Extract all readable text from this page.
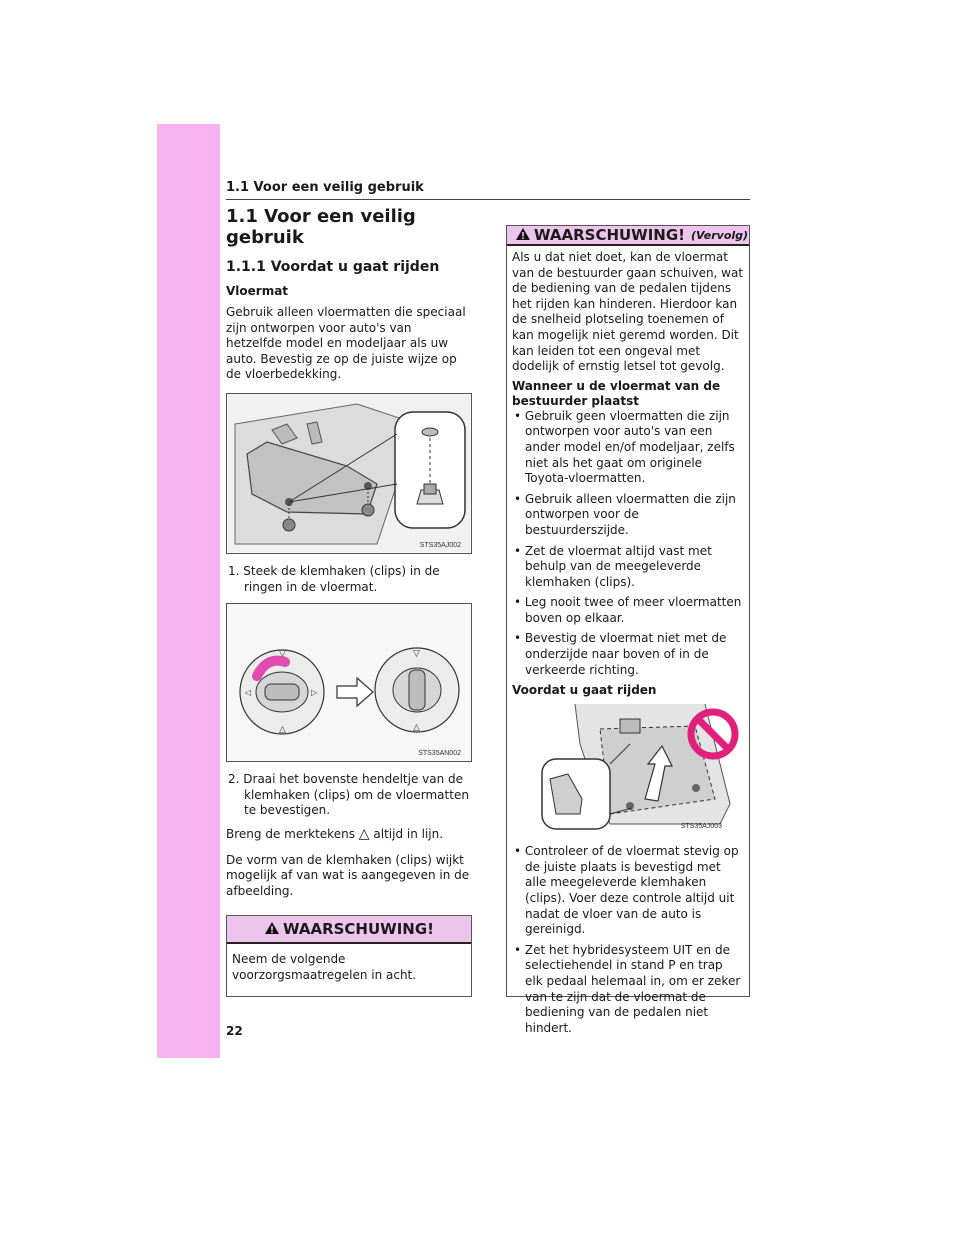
1.1 Voor een veilig gebruik
1.1 Voor een veilig gebruik
1.1.1 Voordat u gaat rijden
Vloermat

Gebruik alleen vloermatten die speciaal zijn ontworpen voor auto's van hetzelfde model en modeljaar als uw auto. Bevestig ze op de juiste wijze op de vloerbedekking.

STS35AJ002
1. Steek de klemhaken (clips) in de ringen in de vloermat.
▽
△
◁	▷
▽
△
STS35AN002
2. Draai het bovenste hendeltje van de klemhaken (clips) om de vloermatten te bevestigen.

Breng de merktekens △ altijd in lijn.

De vorm van de klemhaken (clips) wijkt mogelijk af van wat is aangegeven in de afbeelding.

WAARSCHUWING!

Neem de volgende voorzorgsmaatregelen in acht.

WAARSCHUWING! (Vervolg)

Als u dat niet doet, kan de vloermat van de bestuurder gaan schuiven, wat de bediening van de pedalen tijdens het rijden kan hinderen. Hierdoor kan de snelheid plotseling toenemen of kan mogelijk niet geremd worden. Dit kan leiden tot een ongeval met dodelijk of ernstig letsel tot gevolg.

Wanneer u de vloermat van de bestuurder plaatst
• Gebruik geen vloermatten die zijn ontworpen voor auto's van een ander model en/of modeljaar, zelfs niet als het gaat om originele Toyota-vloermatten.
• Gebruik alleen vloermatten die zijn ontworpen voor de bestuurderszijde.
• Zet de vloermat altijd vast met behulp van de meegeleverde klemhaken (clips).
• Leg nooit twee of meer vloermatten boven op elkaar.
• Bevestig de vloermat niet met de onderzijde naar boven of in de verkeerde richting.
Voordat u gaat rijden
STS35AJ003
• Controleer of de vloermat stevig op de juiste plaats is bevestigd met alle meegeleverde klemhaken (clips). Voer deze controle altijd uit nadat de vloer van de auto is gereinigd.
• Zet het hybridesysteem UIT en de selectiehendel in stand P en trap elk pedaal helemaal in, om er zeker van te zijn dat de vloermat de bediening van de pedalen niet hindert.
22
